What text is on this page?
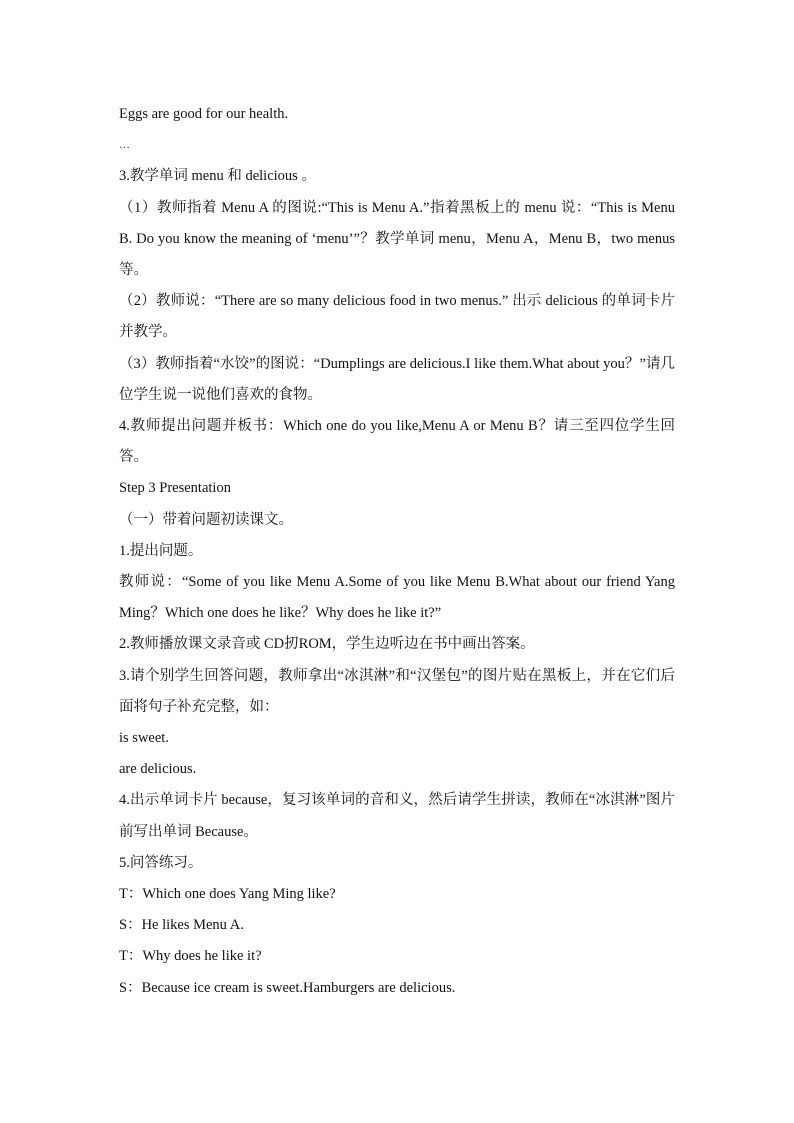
Eggs are good for our health.

…

3.教学单词 menu 和 delicious 。

（1）教师指着 Menu A 的图说:“This is Menu A.”指着黑板上的 menu 说：“This is Menu B. Do you know the meaning of ‘menu’”？教学单词 menu，Menu A，Menu B，two menus 等。

（2）教师说：“There are so many delicious food in two menus.” 出示 delicious 的单词卡片并教学。

（3）教师指着“水饺”的图说：“Dumplings are delicious.I like them.What about you？”请几位学生说一说他们喜欢的食物。

4.教师提出问题并板书：Which one do you like,Menu A or Menu B？请三至四位学生回答。

Step 3 Presentation

（一）带着问题初读课文。

1.提出问题。

教师说：“Some of you like Menu A.Some of you like Menu B.What about our friend Yang Ming？Which one does he like？Why does he like it?”

2.教师播放课文录音或 CD扨ROM，学生边听边在书中画出答案。

3.请个别学生回答问题，教师拿出“冰淇淋”和“汉堡包”的图片贴在黑板上，并在它们后面将句子补充完整，如：

is sweet.

are delicious.

4.出示单词卡片 because，复习该单词的音和义，然后请学生拼读，教师在“冰淇淋”图片前写出单词 Because。

5.问答练习。

T：Which one does Yang Ming like?

S：He likes Menu A.

T：Why does he like it?

S：Because ice cream is sweet.Hamburgers are delicious.
